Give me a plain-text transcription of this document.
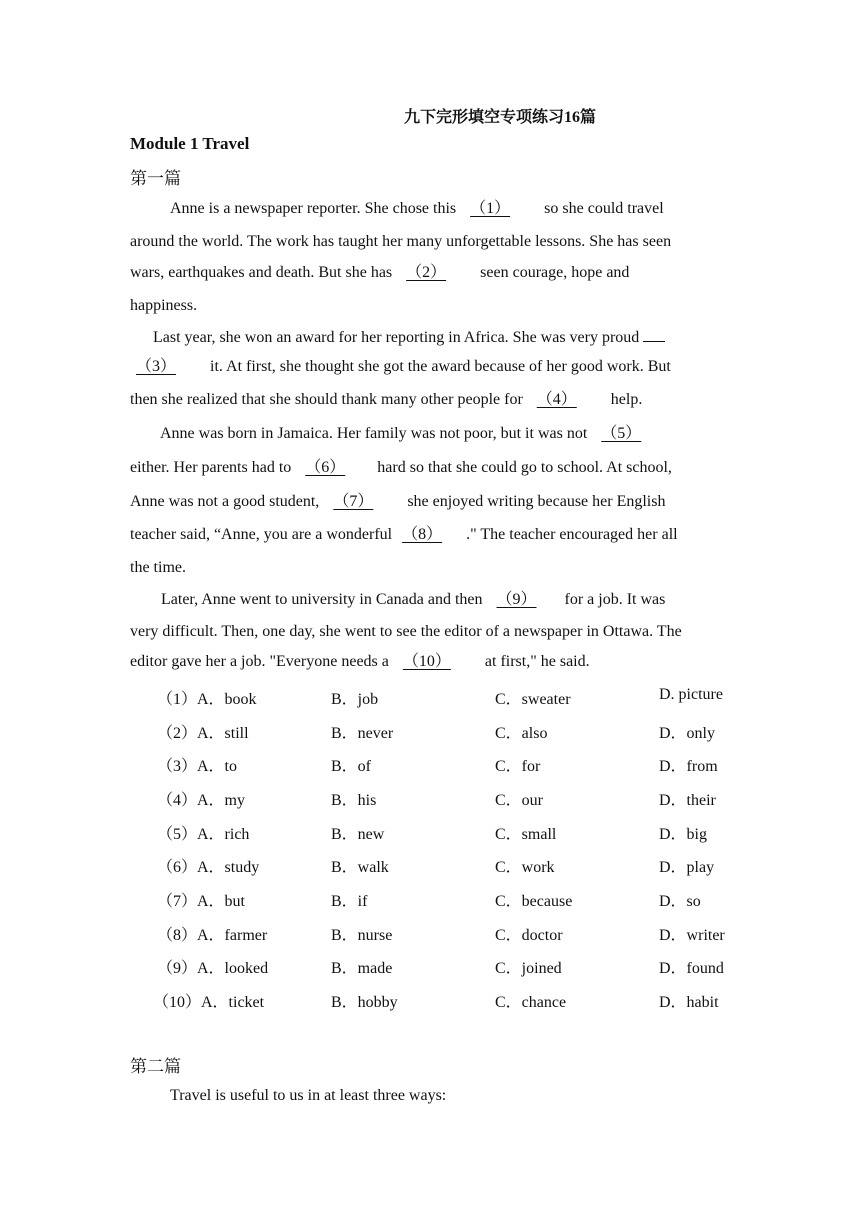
九下完形填空专项练习16篇
Module 1 Travel
第一篇
Anne is a newspaper reporter. She chose this （1） so she could travel
around the world. The work has taught her many unforgettable lessons. She has seen
wars, earthquakes and death. But she has （2） seen courage, hope and
happiness.
Last year, she won an award for her reporting in Africa. She was very proud
（3） it. At first, she thought she got the award because of her good work. But
then she realized that she should thank many other people for （4） help.
Anne was born in Jamaica. Her family was not poor, but it was not （5）
either. Her parents had to （6） hard so that she could go to school. At school,
Anne was not a good student, （7） she enjoyed writing because her English
teacher said, “Anne, you are a wonderful （8） ." The teacher encouraged her all
the time.
Later, Anne went to university in Canada and then （9） for a job. It was
very difficult. Then, one day, she went to see the editor of a newspaper in Ottawa. The
editor gave her a job. "Everyone needs a （10） at first," he said.
（1）A．book	B．job	C．sweater	D. picture
（2）A．still	B．never	C．also	D．only
（3）A．to	B．of	C．for	D．from
（4）A．my	B．his	C．our	D．their
（5）A．rich	B．new	C．small	D．big
（6）A．study	B．walk	C．work	D．play
（7）A．but	B．if	C．because	D．so
（8）A．farmer	B．nurse	C．doctor	D．writer
（9）A．looked	B．made	C．joined	D．found
（10）A．ticket	B．hobby	C．chance	D．habit
第二篇
Travel is useful to us in at least three ways:
